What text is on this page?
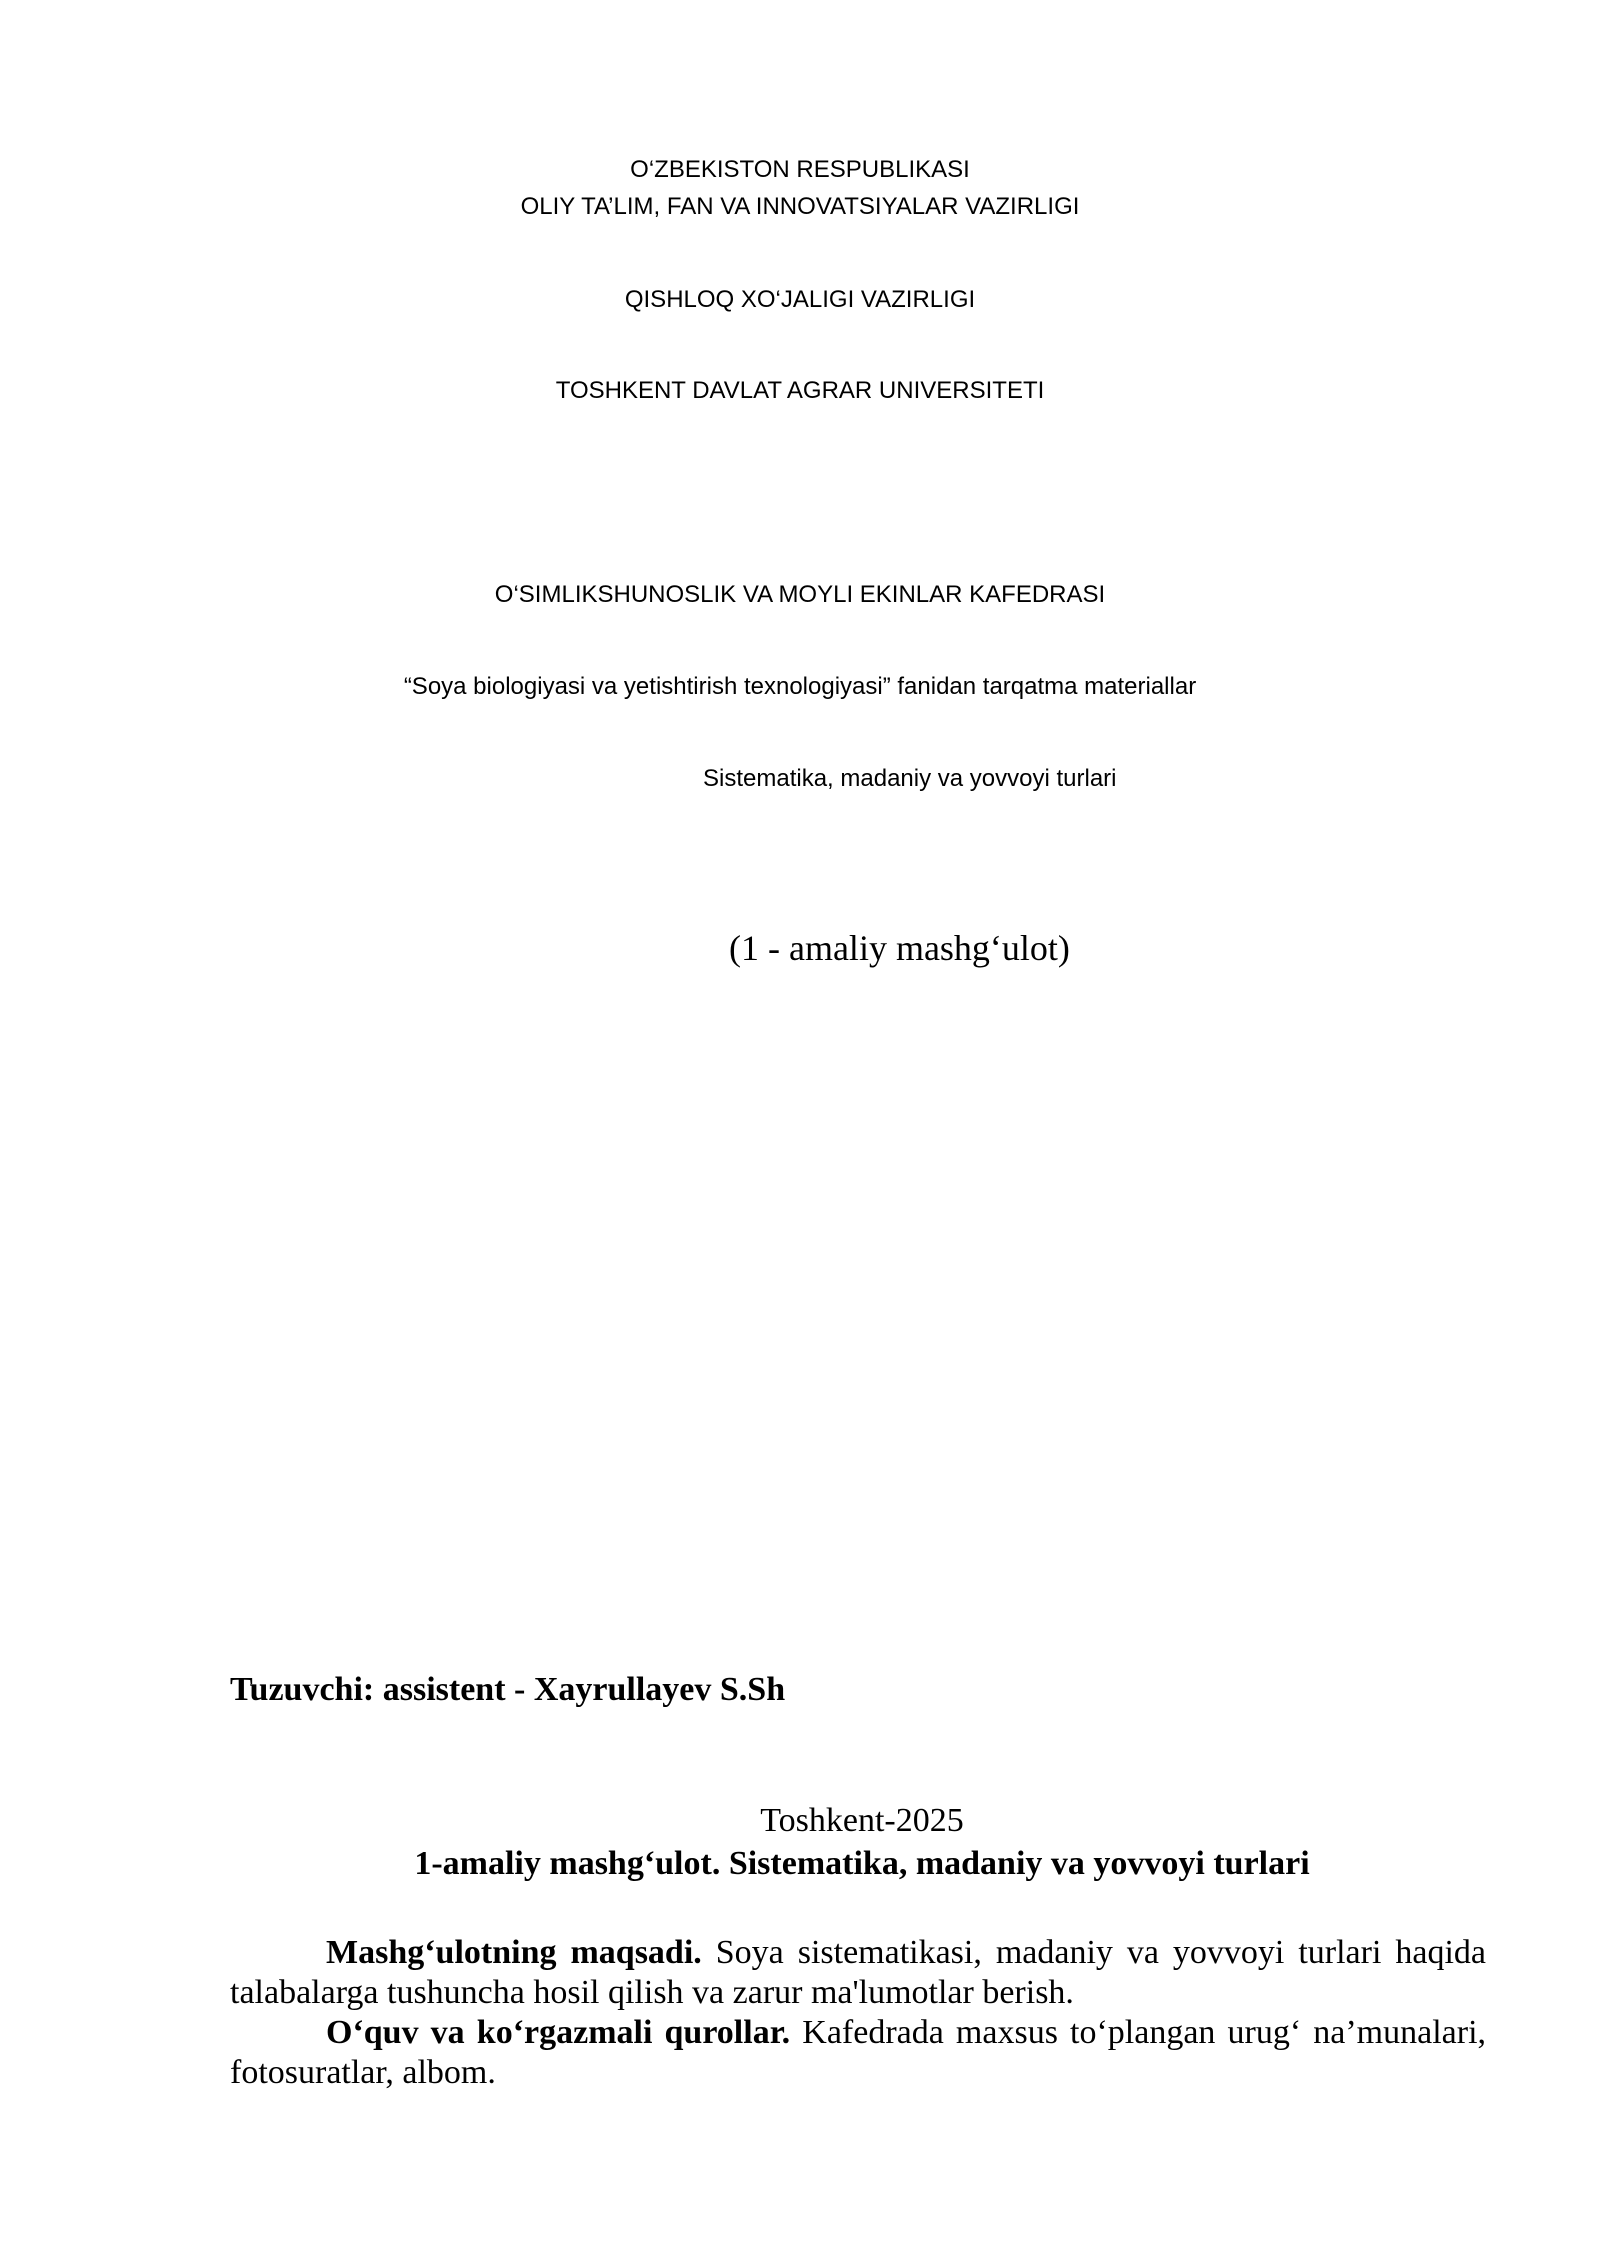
O‘ZBEKISTON RESPUBLIKASI
OLIY TA’LIM, FAN VA INNOVATSIYALAR VAZIRLIGI
QISHLOQ XO‘JALIGI VAZIRLIGI
TOSHKENT DAVLAT AGRAR UNIVERSITETI
O‘SIMLIKSHUNOSLIK VA MOYLI EKINLAR KAFEDRASI
“Soya biologiyasi va yetishtirish texnologiyasi” fanidan tarqatma materiallar
Sistematika, madaniy va yovvoyi turlari
(1 - amaliy mashg‘ulot)
Tuzuvchi: assistent - Xayrullayev S.Sh
Toshkent-2025
1-amaliy mashg‘ulot. Sistematika, madaniy va yovvoyi turlari
Mashg‘ulotning maqsadi. Soya sistematikasi, madaniy va yovvoyi turlari haqida talabalarga tushuncha hosil qilish va zarur ma'lumotlar berish.
O‘quv va ko‘rgazmali qurollar. Kafedrada maxsus to‘plangan urug‘ na’munalari, fotosuratlar, albom.
